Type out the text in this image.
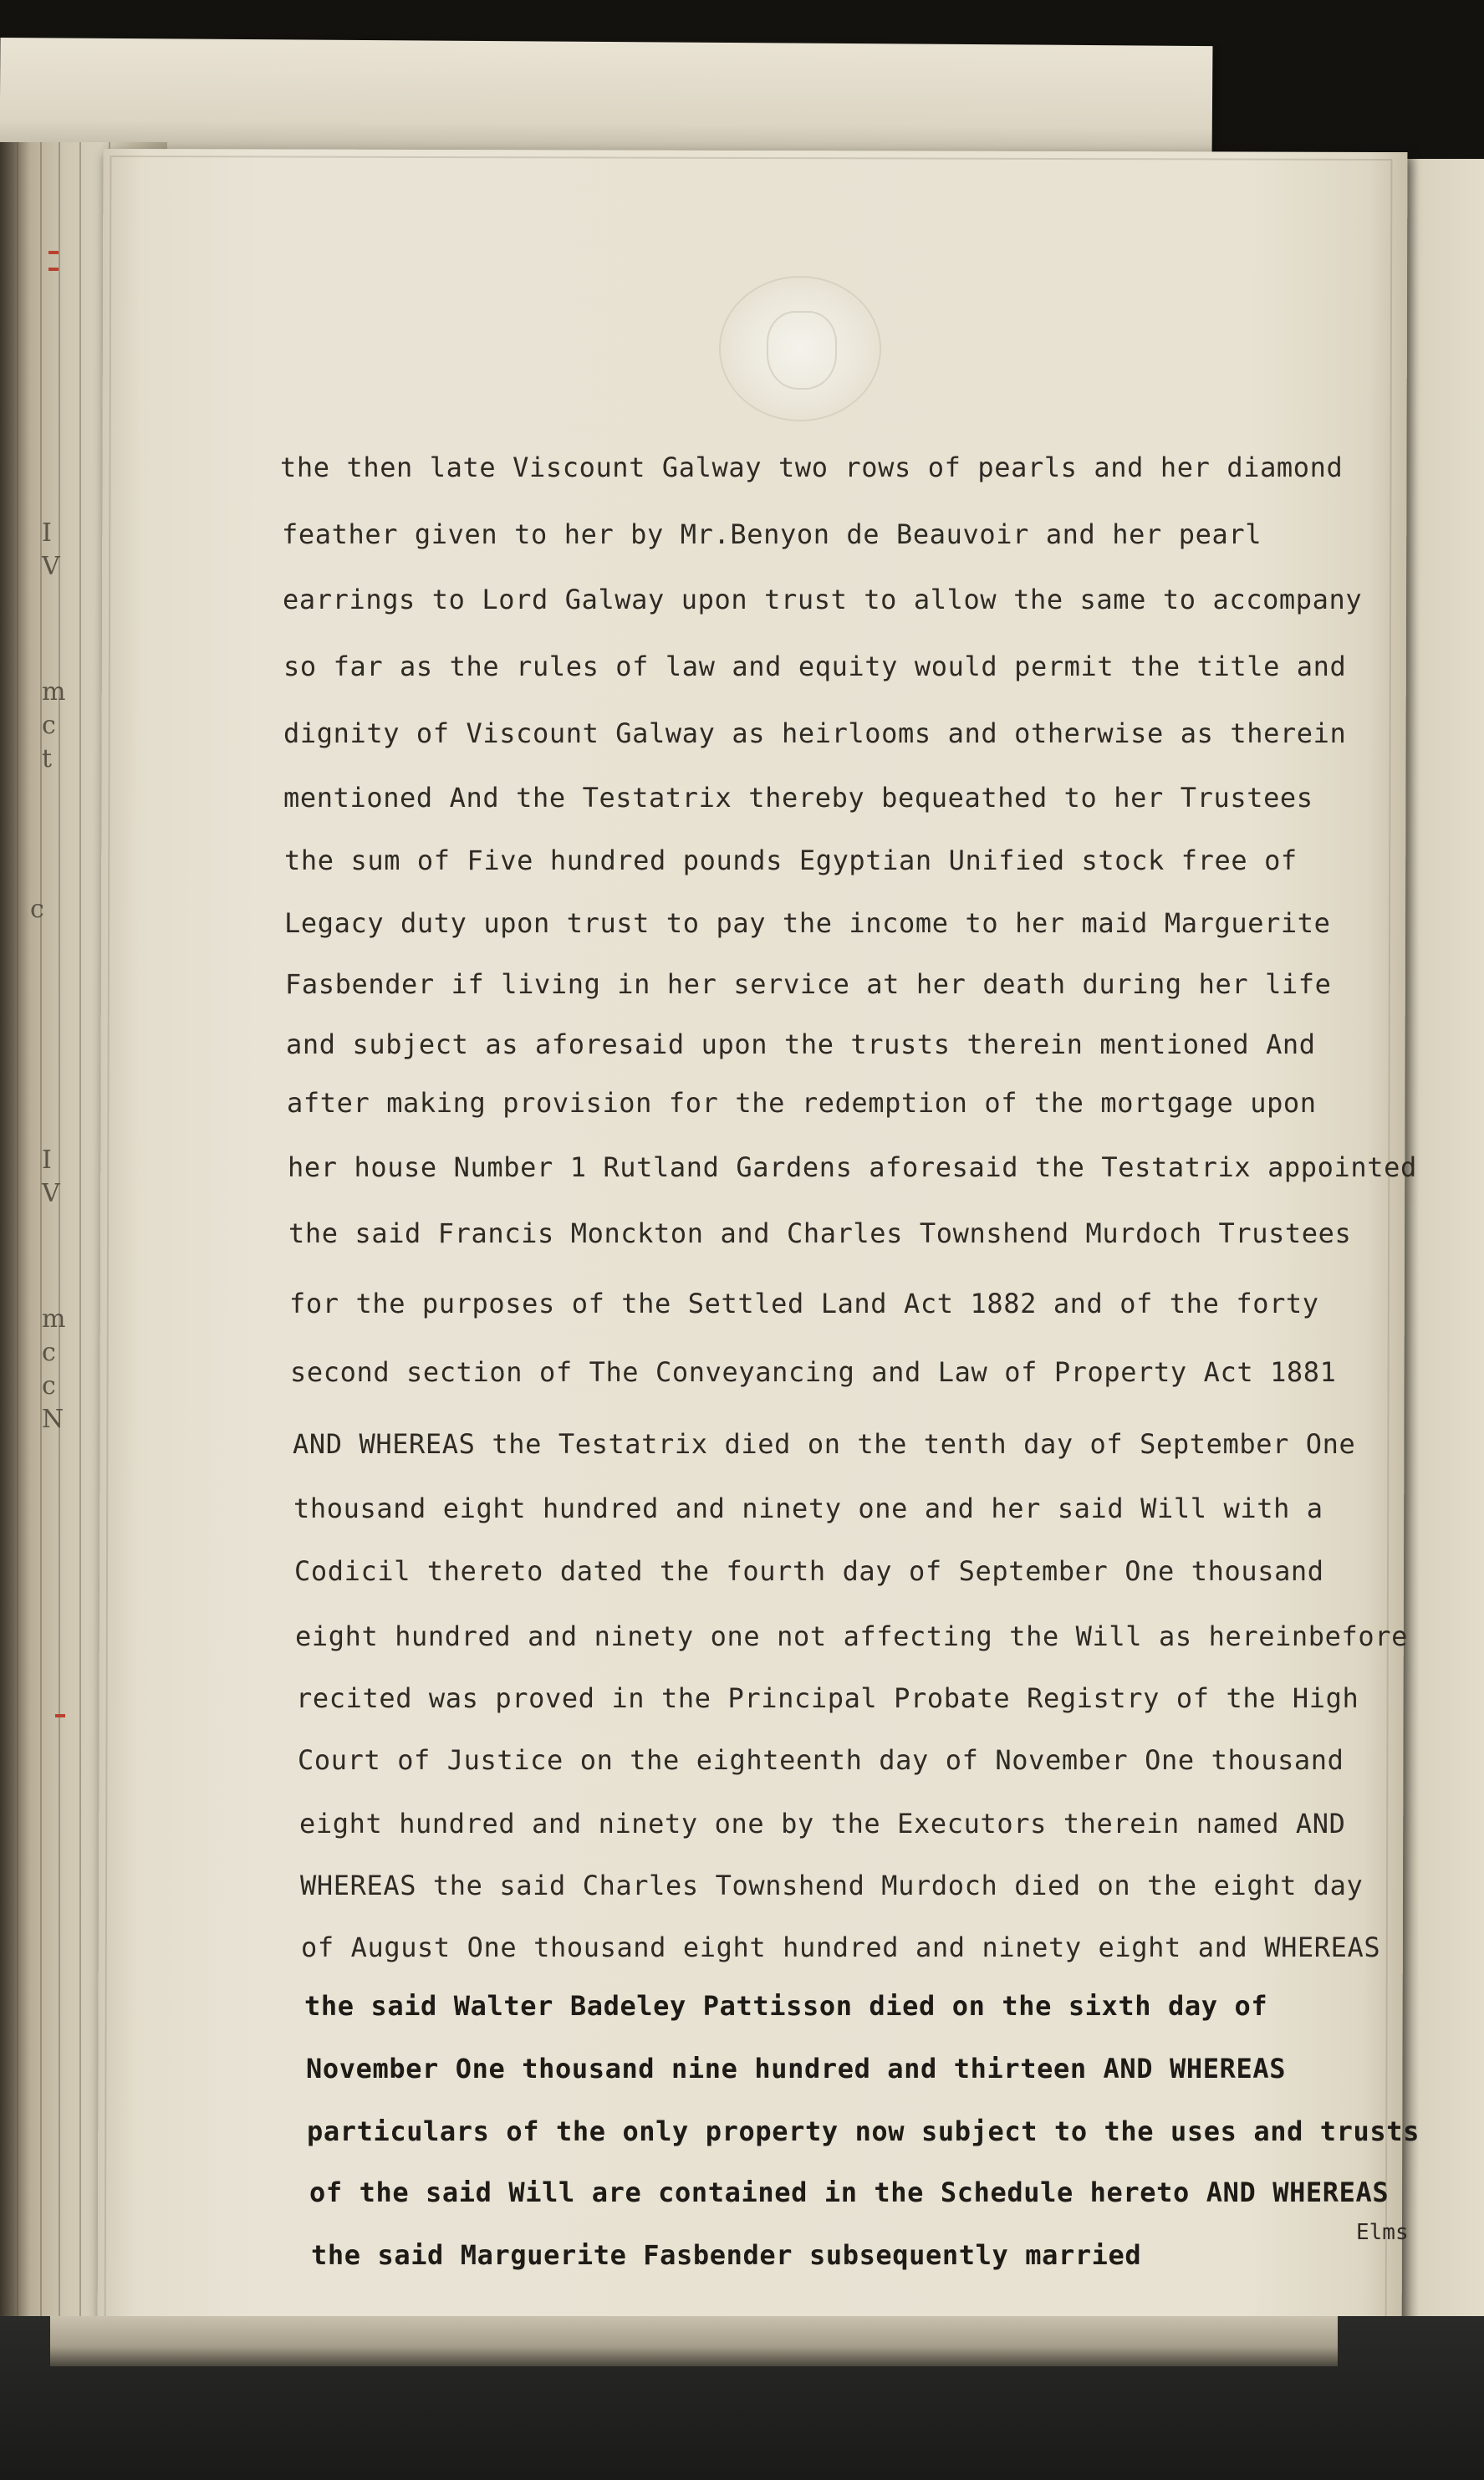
I
V
m
c
t
c
I
V
m
c
c
N
the then late Viscount Galway two rows of pearls and her diamond
feather given to her by Mr.Benyon de Beauvoir and her pearl
earrings to Lord Galway upon trust to allow the same to accompany
so far as the rules of law and equity would permit the title and
dignity of Viscount Galway as heirlooms and otherwise as therein
mentioned And the Testatrix thereby bequeathed to her Trustees
the sum of Five hundred pounds Egyptian Unified stock free of
Legacy duty upon trust to pay the income to her maid Marguerite
Fasbender if living in her service at her death during her life
and subject as aforesaid upon the trusts therein mentioned And
after making provision for the redemption of the mortgage upon
her house Number 1 Rutland Gardens aforesaid the Testatrix appointed
the said Francis Monckton and Charles Townshend Murdoch Trustees
for the purposes of the Settled Land Act 1882 and of the forty
second section of The Conveyancing and Law of Property Act 1881
AND WHEREAS the Testatrix died on the tenth day of September One
thousand eight hundred and ninety one and her said Will with a
Codicil thereto dated the fourth day of September One thousand
eight hundred and ninety one not affecting the Will as hereinbefore
recited was proved in the Principal Probate Registry of the High
Court of Justice on the eighteenth day of November One thousand
eight hundred and ninety one by the Executors therein named AND
WHEREAS the said Charles Townshend Murdoch died on the eight day
of August One thousand eight hundred and ninety eight and WHEREAS
the said Walter Badeley Pattisson died on the sixth day of
November One thousand nine hundred and thirteen AND WHEREAS
particulars of the only property now subject to the uses and trusts
of the said Will are contained in the Schedule hereto AND WHEREAS
the said Marguerite Fasbender subsequently married
Elms
